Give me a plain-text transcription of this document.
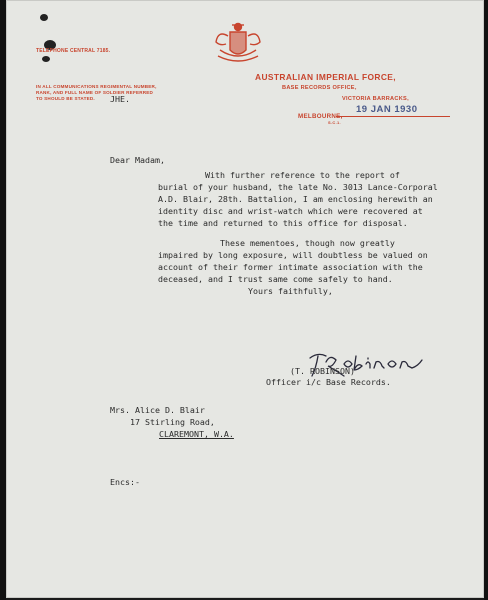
TELEPHONE CENTRAL 7185.
IN ALL COMMUNICATIONS REGIMENTAL NUMBER,
RANK, AND FULL NAME OF SOLDIER REFERRED
TO SHOULD BE STATED. JHE.
AUSTRALIAN IMPERIAL FORCE,
BASE RECORDS OFFICE,
VICTORIA BARRACKS,
MELBOURNE,
S.C.1.
19 JAN 1930
Dear Madam,
With further reference to the report of
burial of your husband, the late No. 3013 Lance-Corporal
A.D. Blair, 28th. Battalion, I am enclosing herewith an
identity disc and wrist-watch which were recovered at
the time and returned to this office for disposal.
These mementoes, though now greatly
impaired by long exposure, will doubtless be valued on
account of their former intimate association with the
deceased, and I trust same come safely to hand.
Yours faithfully,
(T. ROBINSON)
Officer i/c Base Records.
Mrs. Alice D. Blair
17 Stirling Road,
CLAREMONT, W.A.
Encs:-
